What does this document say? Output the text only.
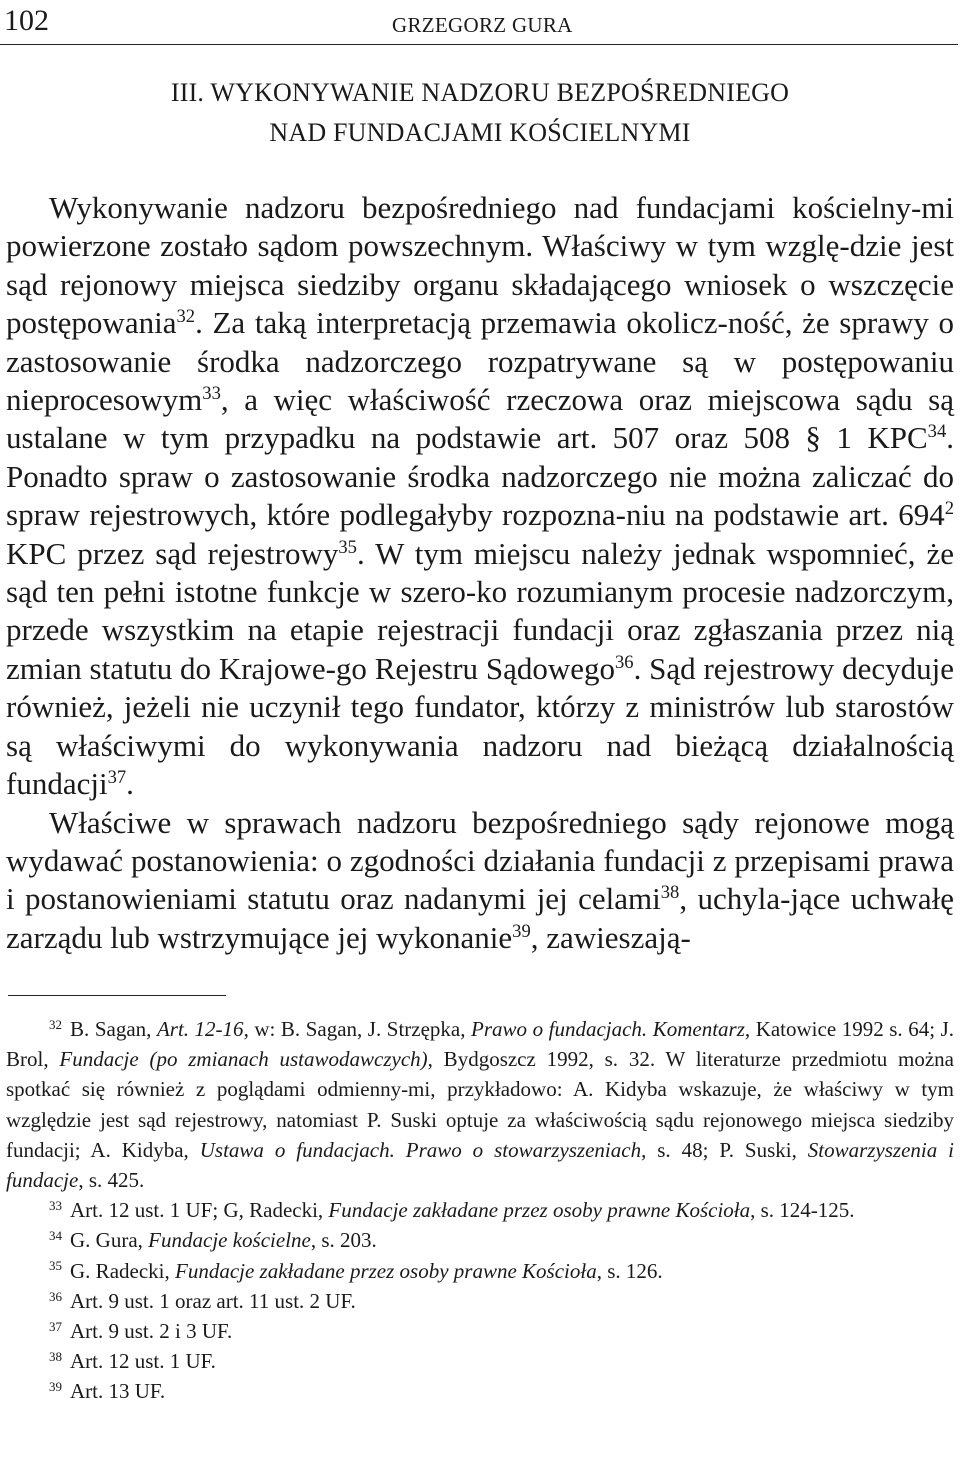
102	GRZEGORZ GURA
III. WYKONYWANIE NADZORU BEZPOŚREDNIEGO
NAD FUNDACJAMI KOŚCIELNYMI

Wykonywanie nadzoru bezpośredniego nad fundacjami kościelny-mi powierzone zostało sądom powszechnym. Właściwy w tym wzglę-dzie jest sąd rejonowy miejsca siedziby organu składającego wniosek o wszczęcie postępowania$^{32}$. Za taką interpretacją przemawia okolicz-ność, że sprawy o zastosowanie środka nadzorczego rozpatrywane są w postępowaniu nieprocesowym$^{33}$, a więc właściwość rzeczowa oraz miejscowa sądu są ustalane w tym przypadku na podstawie art. 507 oraz 508 § 1 KPC$^{34}$. Ponadto spraw o zastosowanie środka nadzorczego nie można zaliczać do spraw rejestrowych, które podlegałyby rozpozna-niu na podstawie art. $694^2$ KPC przez sąd rejestrowy$^{35}$. W tym miejscu należy jednak wspomnieć, że sąd ten pełni istotne funkcje w szero-ko rozumianym procesie nadzorczym, przede wszystkim na etapie rejestracji fundacji oraz zgłaszania przez nią zmian statutu do Krajowe-go Rejestru Sądowego$^{36}$. Sąd rejestrowy decyduje również, jeżeli nie uczynił tego fundator, którzy z ministrów lub starostów są właściwymi do wykonywania nadzoru nad bieżącą działalnością fundacji$^{37}$.

Właściwe w sprawach nadzoru bezpośredniego sądy rejonowe mogą wydawać postanowienia: o zgodności działania fundacji z przepisami prawa i postanowieniami statutu oraz nadanymi jej celami$^{38}$, uchyla-jące uchwałę zarządu lub wstrzymujące jej wykonanie$^{39}$, zawieszają-

$^{32}$ B. Sagan, Art. 12-16, w: B. Sagan, J. Strzępka, Prawo o fundacjach. Komentarz, Katowice 1992 s. 64; J. Brol, Fundacje (po zmianach ustawodawczych), Bydgoszcz 1992, s. 32. W literaturze przedmiotu można spotkać się również z poglądami odmienny-mi, przykładowo: A. Kidyba wskazuje, że właściwy w tym względzie jest sąd rejestrowy, natomiast P. Suski optuje za właściwością sądu rejonowego miejsca siedziby fundacji; A. Kidyba, Ustawa o fundacjach. Prawo o stowarzyszeniach, s. 48; P. Suski, Stowarzyszenia i fundacje, s. 425.

$^{33}$ Art. 12 ust. 1 UF; G, Radecki, Fundacje zakładane przez osoby prawne Kościoła, s. 124-125.

$^{34}$ G. Gura, Fundacje kościelne, s. 203.

$^{35}$ G. Radecki, Fundacje zakładane przez osoby prawne Kościoła, s. 126.

$^{36}$ Art. 9 ust. 1 oraz art. 11 ust. 2 UF.

$^{37}$ Art. 9 ust. 2 i 3 UF.

$^{38}$ Art. 12 ust. 1 UF.

$^{39}$ Art. 13 UF.
